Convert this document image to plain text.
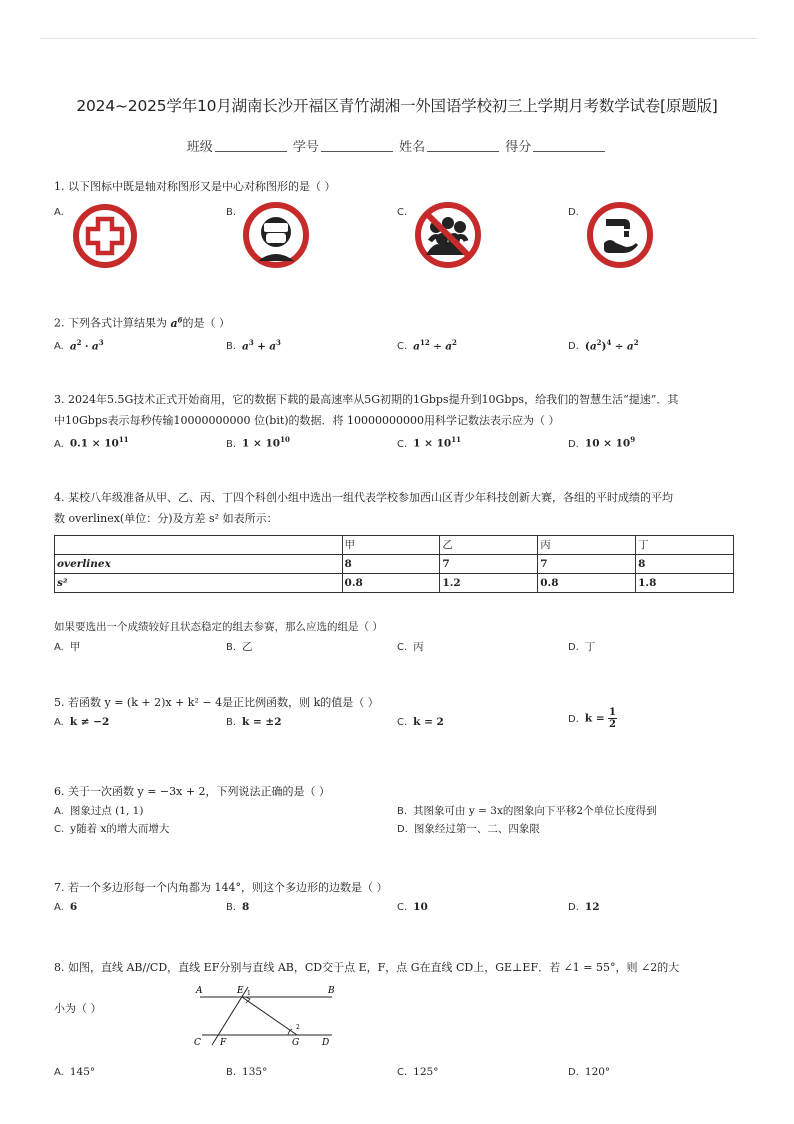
2024~2025学年10月湖南长沙开福区青竹湖湘一外国语学校初三上学期月考数学试卷[原题版]
班级	学号	姓名	得分
1. 以下图标中既是轴对称图形又是中心对称图形的是（ ）
A.	B.	C.	D.
2. 下列各式计算结果为 $a^6$的是（ ）
A. $a^2 \cdot a^3$	B. $a^3 + a^3$	C. $a^{12} \div a^2$	D. $(a^2)^4 \div a^2$
3. 2024年5.5G技术正式开始商用，它的数据下载的最高速率从5G初期的1Gbps提升到10Gbps，给我们的智慧生活“提速”．其
中10Gbps表示每秒传输10000000000 位(bit)的数据．将 10000000000用科学记数法表示应为（ ）
A. $0.1 \times 10^{11}$	B. $1 \times 10^{10}$	C. $1 \times 10^{11}$	D. $10 \times 10^9$
4. 某校八年级准备从甲、乙、丙、丁四个科创小组中选出一组代表学校参加西山区青少年科技创新大赛，各组的平时成绩的平均
数 overlinex(单位：分)及方差 s² 如表所示：
	甲	乙	丙	丁
overlinex	8	7	7	8
s²	0.8	1.2	0.8	1.8
如果要选出一个成绩较好且状态稳定的组去参赛，那么应选的组是（ ）
A. 甲	B. 乙	C. 丙	D. 丁
5. 若函数 y = (k + 2)x + k² − 4是正比例函数，则 k的值是（ ）
A. k ≠ −2	B. k = ±2	C. k = 2	D. $k = \frac{1}{2}$
6. 关于一次函数 y = −3x + 2，下列说法正确的是（ ）
A. 图象过点 (1, 1)	B. 其图象可由 y = 3x的图象向下平移2个单位长度得到
C. y随着 x的增大而增大	D. 图象经过第一、二、四象限
7. 若一个多边形每一个内角都为 144°，则这个多边形的边数是（ ）
A. 6	B. 8	C. 10	D. 12
8. 如图，直线 AB//CD，直线 EF分别与直线 AB，CD交于点 E，F，点 G在直线 CD上，GE⊥EF．若 ∠1 = 55°，则 ∠2的大
小为（ ）
A	E 1	B
2
C F	G	D
A. 145°	B. 135°	C. 125°	D. 120°
